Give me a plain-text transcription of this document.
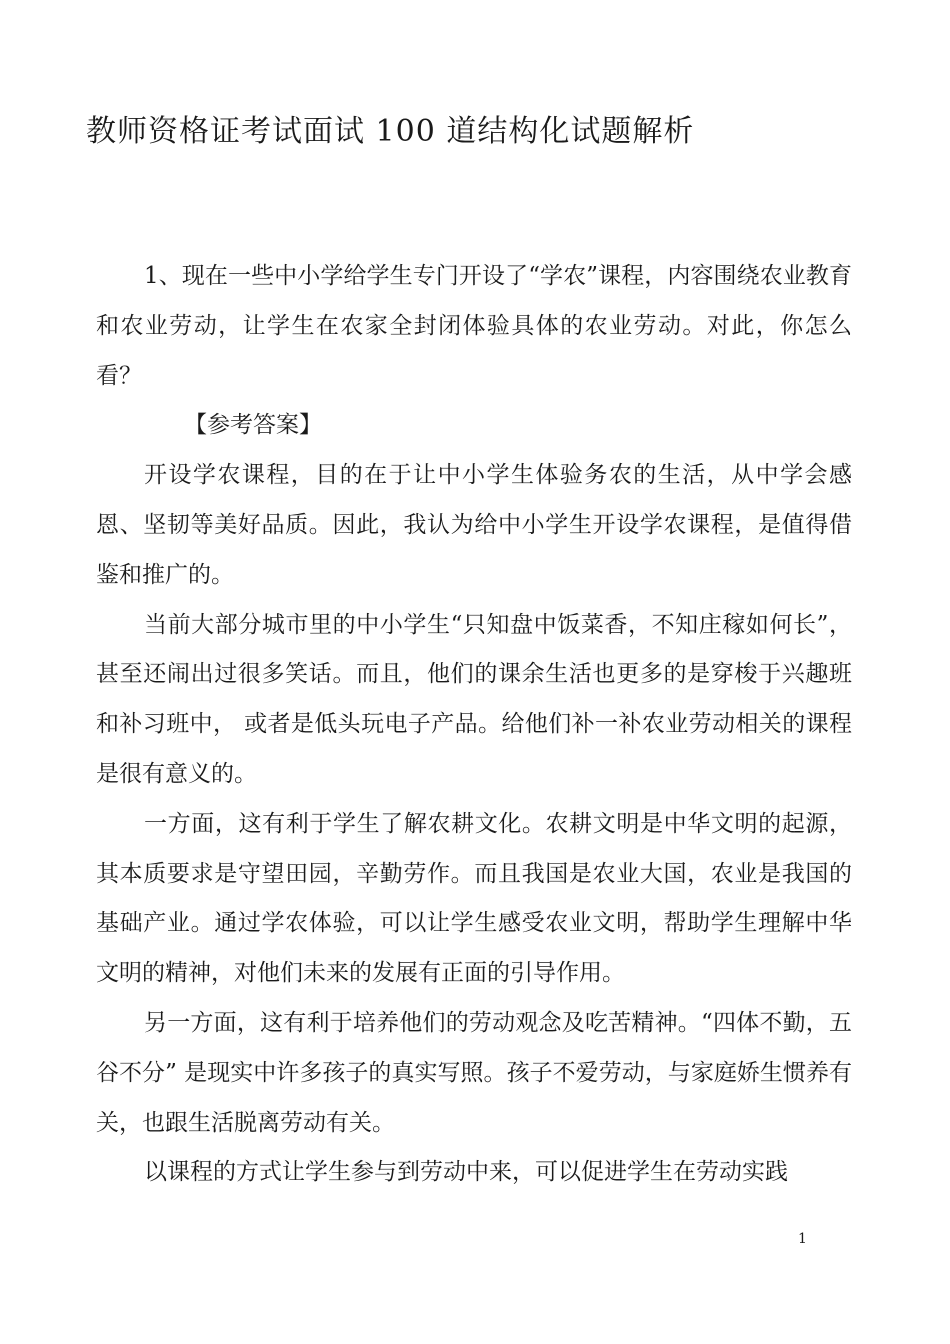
教师资格证考试面试 100 道结构化试题解析

1、现在一些中小学给学生专门开设了“学农”课程，内容围绕农业教育和农业劳动，让学生在农家全封闭体验具体的农业劳动。对此，你怎么看？

【参考答案】

开设学农课程，目的在于让中小学生体验务农的生活，从中学会感恩、坚韧等美好品质。因此，我认为给中小学生开设学农课程，是值得借鉴和推广的。

当前大部分城市里的中小学生“只知盘中饭菜香，不知庄稼如何长”，甚至还闹出过很多笑话。而且，他们的课余生活也更多的是穿梭于兴趣班和补习班中， 或者是低头玩电子产品。给他们补一补农业劳动相关的课程是很有意义的。

一方面，这有利于学生了解农耕文化。农耕文明是中华文明的起源，其本质要求是守望田园，辛勤劳作。而且我国是农业大国，农业是我国的基础产业。通过学农体验，可以让学生感受农业文明，帮助学生理解中华文明的精神，对他们未来的发展有正面的引导作用。

另一方面，这有利于培养他们的劳动观念及吃苦精神。“四体不勤，五谷不分” 是现实中许多孩子的真实写照。孩子不爱劳动，与家庭娇生惯养有关，也跟生活脱离劳动有关。

以课程的方式让学生参与到劳动中来，可以促进学生在劳动实践

1
